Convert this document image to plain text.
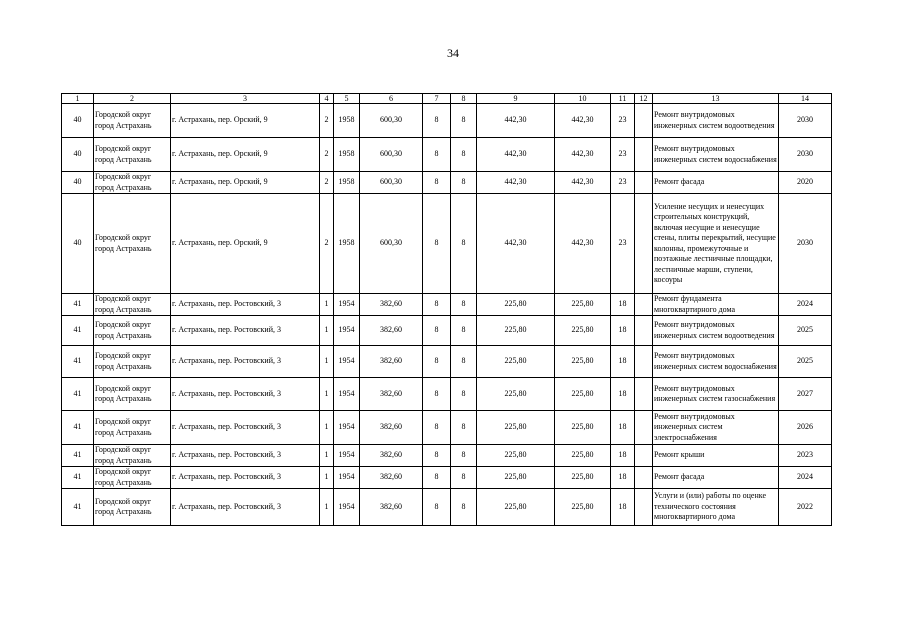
34
1	2	3	4	5	6	7	8	9	10	11	12	13	14
40	Городской округ город Астрахань	г. Астрахань, пер. Орский, 9	2	1958	600,30	8	8	442,30	442,30	23		Ремонт внутридомовых инженерных систем водоотведения	2030
40	Городской округ город Астрахань	г. Астрахань, пер. Орский, 9	2	1958	600,30	8	8	442,30	442,30	23		Ремонт внутридомовых инженерных систем водоснабжения	2030
40	Городской округ город Астрахань	г. Астрахань, пер. Орский, 9	2	1958	600,30	8	8	442,30	442,30	23		Ремонт фасада	2020
40	Городской округ город Астрахань	г. Астрахань, пер. Орский, 9	2	1958	600,30	8	8	442,30	442,30	23		Усиление несущих и ненесущих строительных конструкций, включая несущие и ненесущие стены, плиты перекрытий, несущие колонны, промежуточные и поэтажные лестничные площадки, лестничные марши, ступени, косоуры	2030
41	Городской округ город Астрахань	г. Астрахань, пер. Ростовский, 3	1	1954	382,60	8	8	225,80	225,80	18		Ремонт фундамента многоквартирного дома	2024
41	Городской округ город Астрахань	г. Астрахань, пер. Ростовский, 3	1	1954	382,60	8	8	225,80	225,80	18		Ремонт внутридомовых инженерных систем водоотведения	2025
41	Городской округ город Астрахань	г. Астрахань, пер. Ростовский, 3	1	1954	382,60	8	8	225,80	225,80	18		Ремонт внутридомовых инженерных систем водоснабжения	2025
41	Городской округ город Астрахань	г. Астрахань, пер. Ростовский, 3	1	1954	382,60	8	8	225,80	225,80	18		Ремонт внутридомовых инженерных систем газоснабжения	2027
41	Городской округ город Астрахань	г. Астрахань, пер. Ростовский, 3	1	1954	382,60	8	8	225,80	225,80	18		Ремонт внутридомовых инженерных систем электроснабжения	2026
41	Городской округ город Астрахань	г. Астрахань, пер. Ростовский, 3	1	1954	382,60	8	8	225,80	225,80	18		Ремонт крыши	2023
41	Городской округ город Астрахань	г. Астрахань, пер. Ростовский, 3	1	1954	382,60	8	8	225,80	225,80	18		Ремонт фасада	2024
41	Городской округ город Астрахань	г. Астрахань, пер. Ростовский, 3	1	1954	382,60	8	8	225,80	225,80	18		Услуги и (или) работы по оценке технического состояния многоквартирного дома	2022
